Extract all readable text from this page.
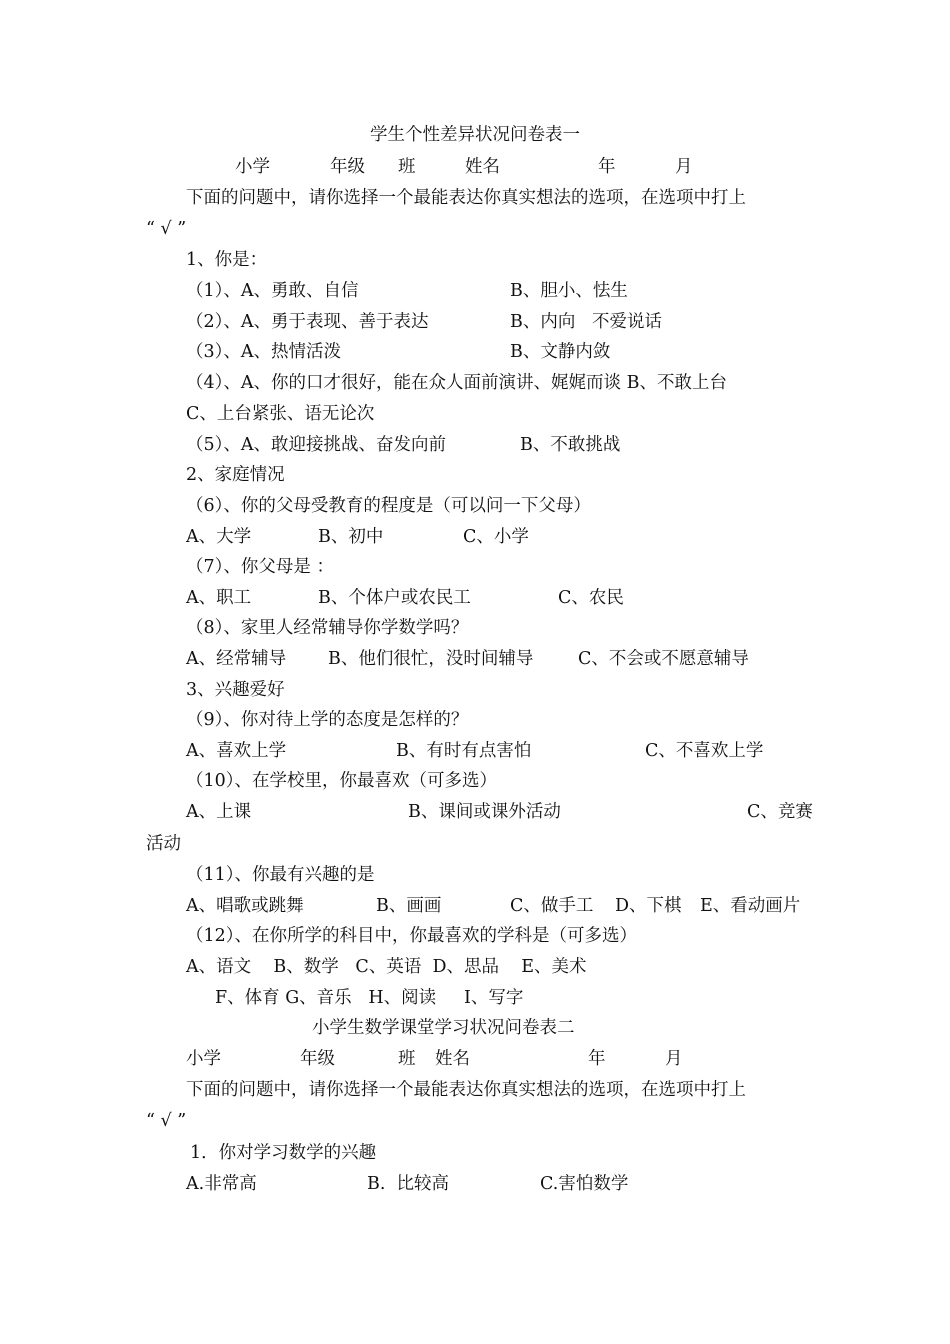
学生个性差异状况问卷表一
小学	年级 班	姓名	年	月
下面的问题中，请你选择一个最能表达你真实想法的选项，在选项中打上
“ √ ”
1、你是：
（1）、A、勇敢、自信	B、胆小、怯生
（2）、A、勇于表现、善于表达	B、内向   不爱说话
（3）、A、热情活泼	B、文静内敛
（4）、A、你的口才很好，能在众人面前演讲、娓娓而谈 B、不敢上台
C、上台紧张、语无论次
（5）、A、敢迎接挑战、奋发向前	B、不敢挑战
2、家庭情况
（6）、你的父母受教育的程度是（可以问一下父母）
A、大学	B、初中	C、小学
（7）、你父母是 ：
A、职工	B、个体户或农民工	C、农民
（8）、家里人经常辅导你学数学吗？
A、经常辅导 B、他们很忙，没时间辅导	C、不会或不愿意辅导
3、兴趣爱好
（9）、你对待上学的态度是怎样的？
A、喜欢上学	B、有时有点害怕	C、不喜欢上学
（10）、在学校里，你最喜欢（可多选）
A、上课	B、课间或课外活动	C、竞赛
活动
（11）、你最有兴趣的是
A、唱歌或跳舞	B、画画	C、做手工 D、下棋 E、看动画片
（12）、在你所学的科目中，你最喜欢的学科是（可多选）
A、语文    B、数学   C、英语  D、思品    E、美术
F、体育 G、音乐   H、阅读     I、写字
小学生数学课堂学习状况问卷表二
小学	年级	班 姓名	年	月
下面的问题中，请你选择一个最能表达你真实想法的选项，在选项中打上
“ √ ”
1．你对学习数学的兴趣
A.非常高	B.  比较高	C.害怕数学
